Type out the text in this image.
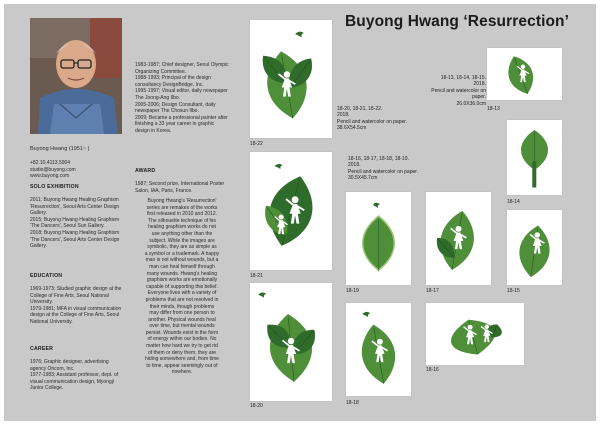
Buyong Hwang (1951~ )
+82.10.4113.5904
studio@buyong.com
www.buyong.com
SOLO EXHIBITION
2011; Buyong Hwang Healing Graphism 'Resurrection', Seoul Arts Center Design Gallery.
2015; Buyong Hwang Healing Graphism 'The Dancers', Seoul Sun Gallery.
2018; Buyong Hwang Healing Graphism 'The Dancers', Seoul Arts Center Design Gallery.
EDUCATION
1969-1973; Studied graphic design at the College of Fine Arts, Seoul National University.
1979-1981; MFA in visual communication design at the College of Fine Arts, Seoul National University.
CAREER
1976; Graphic designer, advertising agency Oricom, Inc.
1977-1983; Assistant professor, dept. of visual communication design, Myongji Junior College.
1983-1987; Chief designer, Seoul Olympic Organizing Committee.
1988-1993; Principal of the design consultancy DesignBridge, Inc.
1995-1997; Visual editor, daily newspaper The Joong-Ang Ilbo.
2005-2006; Design Consultant, daily newspaper The Chosun Ilbo.
2009; Became a professional painter after finishing a 33 year career in graphic design in Korea.
AWARD
1987; Second prize, International Poster Salon, IAA, Paris, France.
Buyong Hwang's 'Resurrection'
series are remakes of the works
first released in 2010 and 2012.
The silhouette technique of his
healing graphism works do not
use anything other than the
subject. While the images are
symbolic, they are as simple as
a symbol or a trademark. A happy
man is not without wounds, but a
man can heal himself through
many wounds. Hwang's healing
graphism works are emotionally
capable of supporting this belief.
Everyone lives with a variety of
problems that are not resolved in
their minds, though problems
may differ from one person to
another. Physical wounds heal
over time, but mental wounds
persist. Wounds exist in the form
of energy within our bodies. No
matter how hard we try to get rid
of them or deny them, they are
hiding somewhere and, from time
to time, appear seemingly out of
nowhere.
Buyong Hwang ‘Resurrection’
18-20, 18-21, 18-22.
2018.
Pencil and watercolor on paper.
38.6X54.5cm
18-16, 18-17, 18-18, 18-19.
2018.
Pencil and watercolor on paper.
30.5X45.7cm
18-13, 18-14, 18-15.
2018.
Pencil and watercolor on paper.
26.0X36.0cm
18-22
18-21
18-20
18-19	18-17
18-18
18-16
18-13
18-14
18-15
